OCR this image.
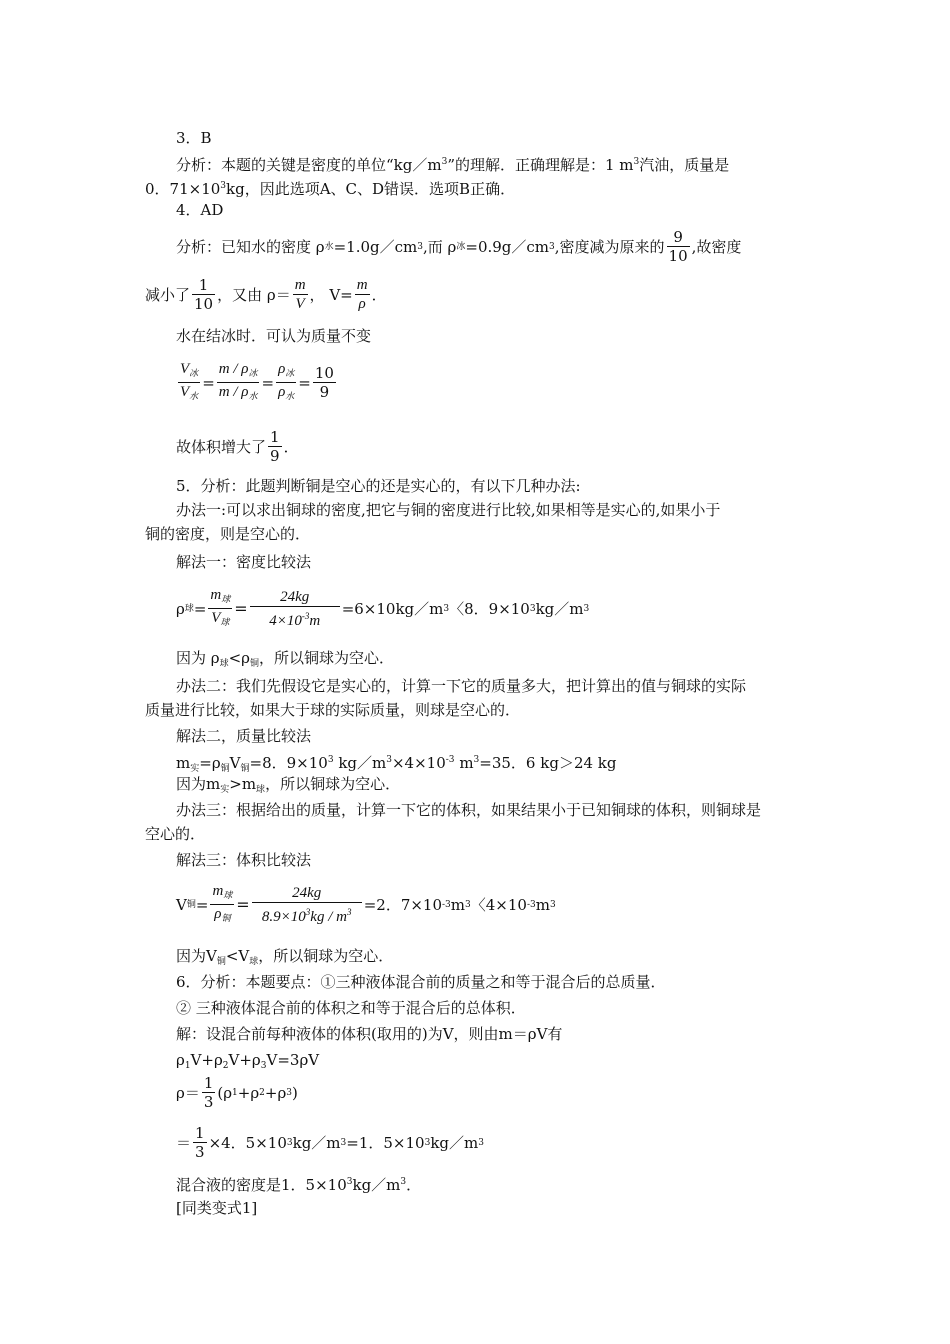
3．B
分析：本题的关键是密度的单位“$kg/m^3$”的理解．正确理解是：1 $m^3$汽油，质量是
0．$71\times 10^3kg$，因此选项A、C、D错误．选项B正确．
4．AD
分析：已知水的密度 ρ 水 =1.0g／cm 3 ,而 ρ 冰 =0.9g／cm 3 ,密度减为原来的 $\frac{9}{10}$ ,故密度
减小了 $\frac{1}{10}$ ，又由 $\rho= \frac{m}{V}$ ， $V= \frac{m}{\rho}$ ．
水在结冰时．可认为质量不变
$\frac{V_冰}{V_水} = \frac{m / \rho_冰}{m / \rho_水} = \frac{\rho_冰}{\rho_水} = \frac{10}{9}$
故体积增大了 $\frac{1}{9}$ ．
5．分析：此题判断铜是空心的还是实心的，有以下几种办法:
办法一:可以求出铜球的密度,把它与铜的密度进行比较,如果相等是实心的,如果小于
铜的密度，则是空心的．
解法一：密度比较法
ρ 球 = $\frac{m_球}{V_球} = \frac{24kg}{4\times 10^{-3}m}$ =6×10kg／m 3 〈8．9×10 3 kg／m 3
因为 $\rho_球<\rho_铜$，所以铜球为空心．
办法二：我们先假设它是实心的，计算一下它的质量多大，把计算出的值与铜球的实际
质量进行比较，如果大于球的实际质量，则球是空心的．
解法二，质量比较法
$m_实=\rho_铜V_铜=8$．$9\times 10^3$ $kg/m^3\times 4\times 10^{-3}$ $m^3=35$．6 kg＞24 kg
因为$m_实>m_球$，所以铜球为空心．
办法三：根据给出的质量，计算一下它的体积，如果结果小于已知铜球的体积，则铜球是
空心的．
解法三：体积比较法
V 铜 = $\frac{m_球}{\rho_铜} = \frac{24kg}{8.9\times 10^3kg / m^3} =2$．7×10 -3 m 3 〈4×10 -3 m 3
因为$V_铜<V_球$，所以铜球为空心．
6．分析：本题要点：①三种液体混合前的质量之和等于混合后的总质量．
② 三种液体混合前的体积之和等于混合后的总体积．
解：设混合前每种液体的体积(取用的)为V，则由m＝ρV有
$\rho_1V+\rho_2V+\rho_3V=3\rho V$
$\rho= \frac{1}{3} (\rho$ 1 +ρ 2 +ρ 3 )
＝ $\frac{1}{3} \times 4$．5×10 3 kg／m 3 =1．5×10 3 kg／m 3
混合液的密度是1．$5\times 10^3kg/m^3$．
[同类变式1]
